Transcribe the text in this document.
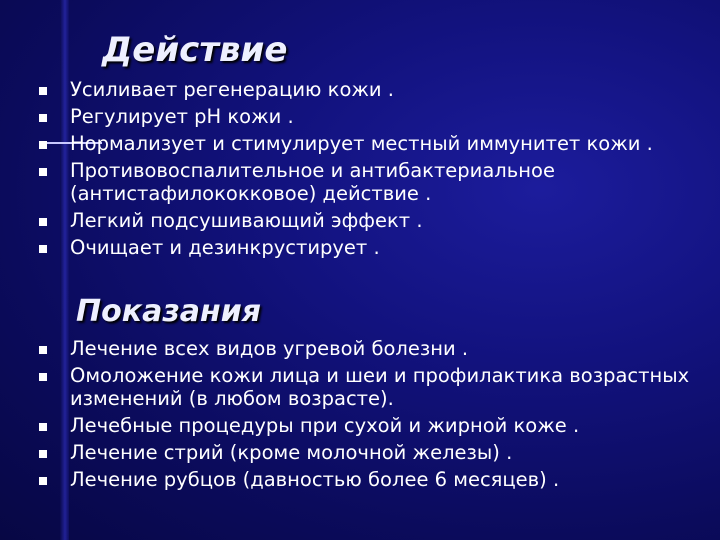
Действие
Усиливает регенерацию кожи .
Регулирует рН кожи .
Нормализует и стимулирует местный иммунитет кожи .
Противовоспалительное и антибактериальное (антистафилококковое) действие .
Легкий подсушивающий эффект .
Очищает и дезинкрустирует .
Показания
Лечение всех видов угревой болезни .
Омоложение кожи лица и шеи и профилактика возрастных изменений (в любом возрасте).
Лечебные процедуры при сухой и жирной коже .
Лечение стрий (кроме молочной железы) .
Лечение рубцов (давностью более 6 месяцев) .
